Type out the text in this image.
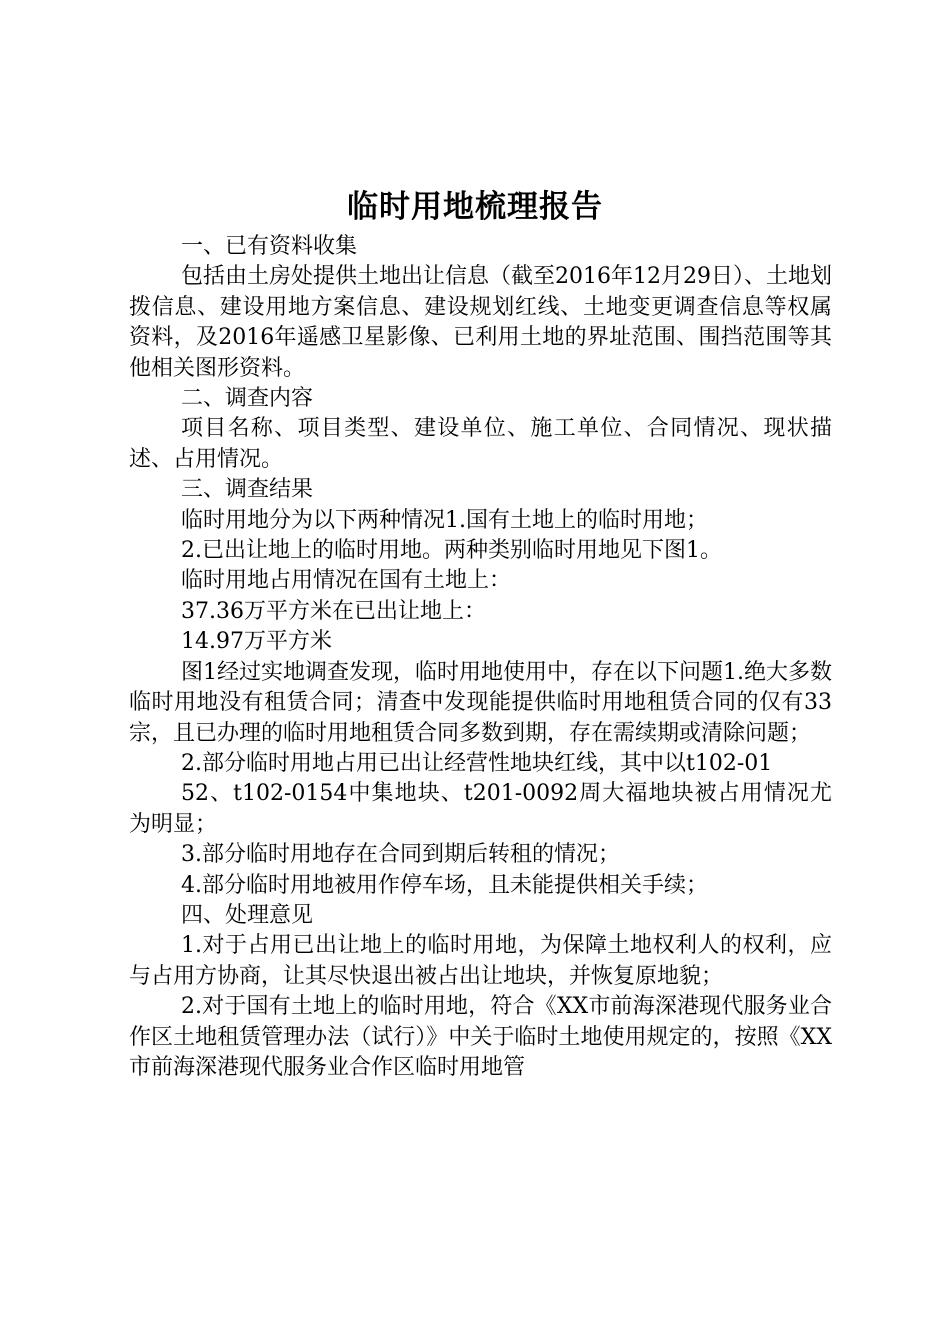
临时用地梳理报告

一、已有资料收集

包括由土房处提供土地出让信息（截至2016年12月29日）、土地划拨信息、建设用地方案信息、建设规划红线、土地变更调查信息等权属资料，及2016年遥感卫星影像、已利用土地的界址范围、围挡范围等其他相关图形资料。

二、调查内容

项目名称、项目类型、建设单位、施工单位、合同情况、现状描述、占用情况。

三、调查结果

临时用地分为以下两种情况1.国有土地上的临时用地；

2.已出让地上的临时用地。两种类别临时用地见下图1。

临时用地占用情况在国有土地上：

37.36万平方米在已出让地上：

14.97万平方米

图1经过实地调查发现，临时用地使用中，存在以下问题1.绝大多数临时用地没有租赁合同；清查中发现能提供临时用地租赁合同的仅有33宗，且已办理的临时用地租赁合同多数到期，存在需续期或清除问题；

2.部分临时用地占用已出让经营性地块红线，其中以t102-01

52、t102-0154中集地块、t201-0092周大福地块被占用情况尤为明显；

3.部分临时用地存在合同到期后转租的情况；

4.部分临时用地被用作停车场，且未能提供相关手续；

四、处理意见

1.对于占用已出让地上的临时用地，为保障土地权利人的权利，应与占用方协商，让其尽快退出被占出让地块，并恢复原地貌；

2.对于国有土地上的临时用地，符合《XX市前海深港现代服务业合作区土地租赁管理办法（试行）》中关于临时土地使用规定的，按照《XX市前海深港现代服务业合作区临时用地管
